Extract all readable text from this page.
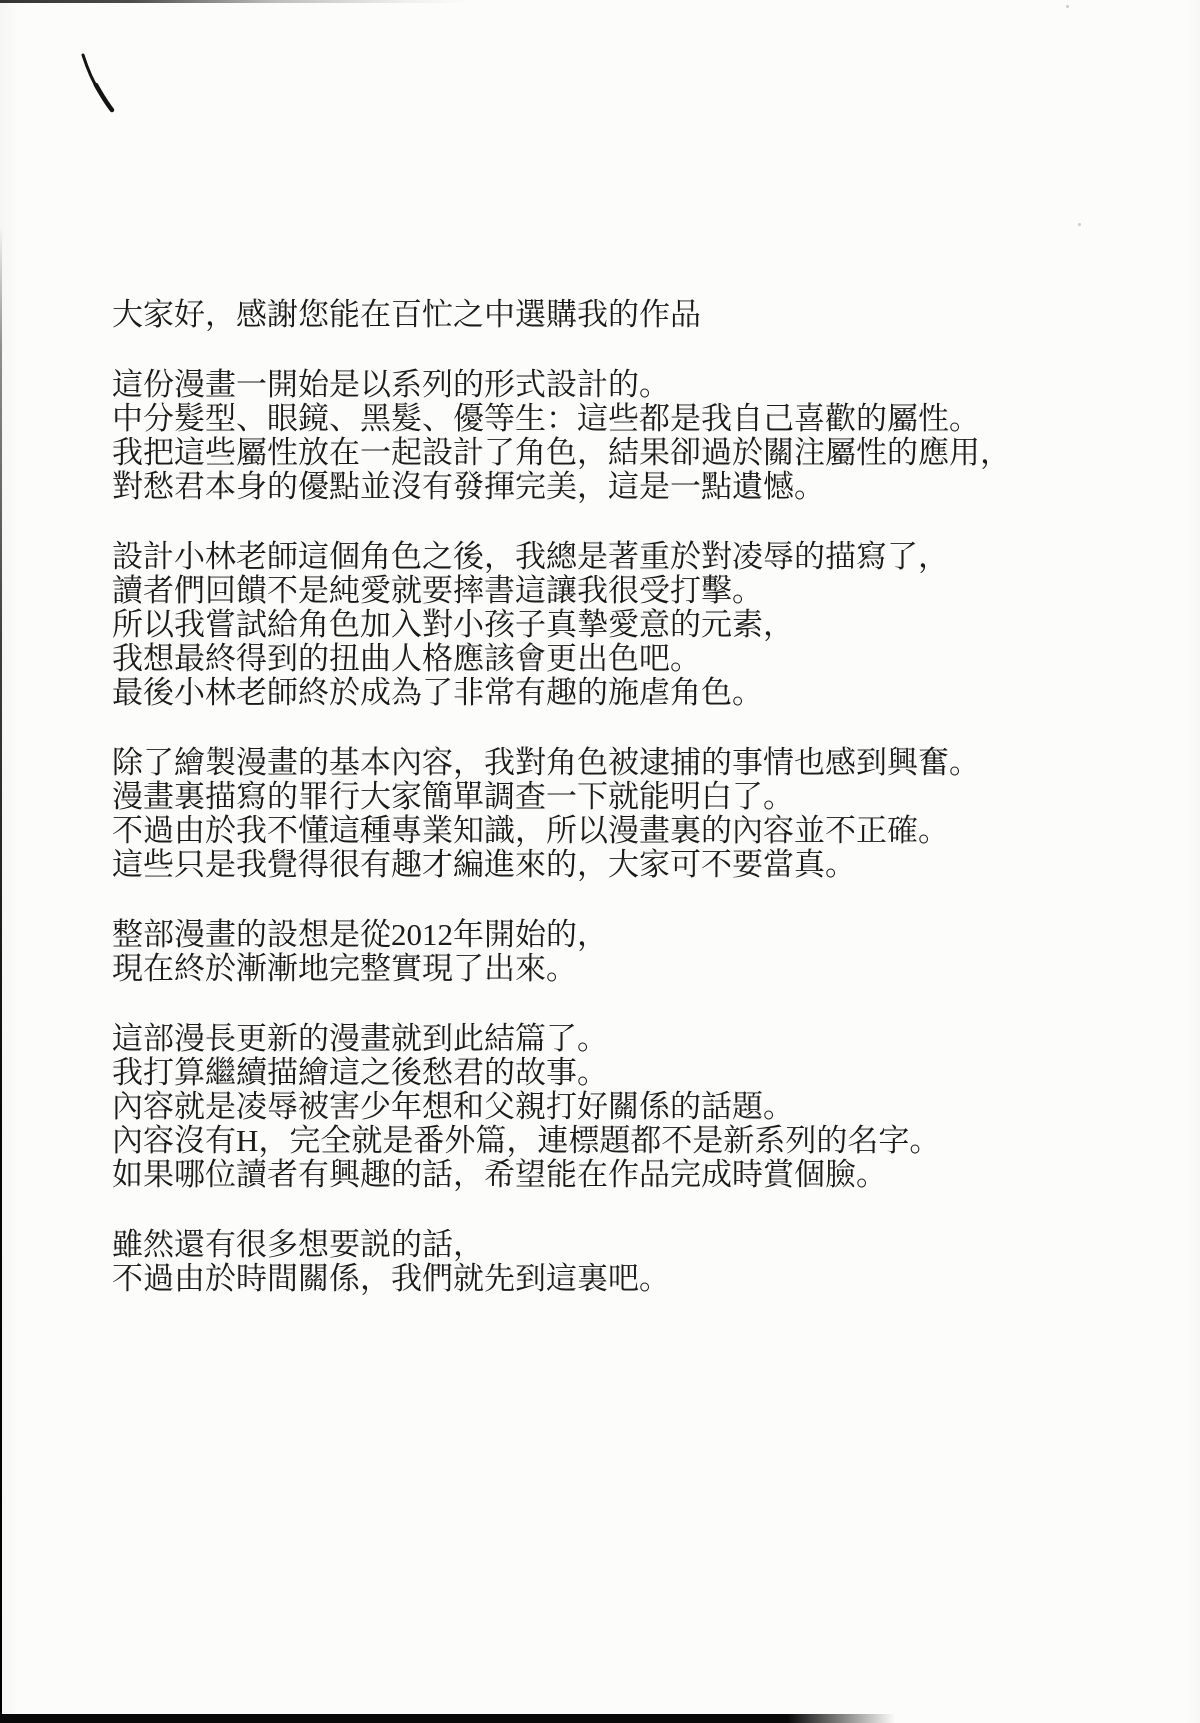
大家好，感謝您能在百忙之中選購我的作品

這份漫畫一開始是以系列的形式設計的。
中分髮型、眼鏡、黑髮、優等生：這些都是我自己喜歡的屬性。
我把這些屬性放在一起設計了角色，結果卻過於關注屬性的應用，
對愁君本身的優點並沒有發揮完美，這是一點遺憾。

設計小林老師這個角色之後，我總是著重於對凌辱的描寫了，
讀者們回饋不是純愛就要摔書這讓我很受打擊。
所以我嘗試給角色加入對小孩子真摯愛意的元素，
我想最終得到的扭曲人格應該會更出色吧。
最後小林老師終於成為了非常有趣的施虐角色。

除了繪製漫畫的基本內容，我對角色被逮捕的事情也感到興奮。
漫畫裏描寫的罪行大家簡單調查一下就能明白了。
不過由於我不懂這種專業知識，所以漫畫裏的內容並不正確。
這些只是我覺得很有趣才編進來的，大家可不要當真。

整部漫畫的設想是從2012年開始的，
現在終於漸漸地完整實現了出來。

這部漫長更新的漫畫就到此結篇了。
我打算繼續描繪這之後愁君的故事。
內容就是凌辱被害少年想和父親打好關係的話題。
內容沒有H，完全就是番外篇，連標題都不是新系列的名字。
如果哪位讀者有興趣的話，希望能在作品完成時賞個臉。

雖然還有很多想要説的話，
不過由於時間關係，我們就先到這裏吧。
